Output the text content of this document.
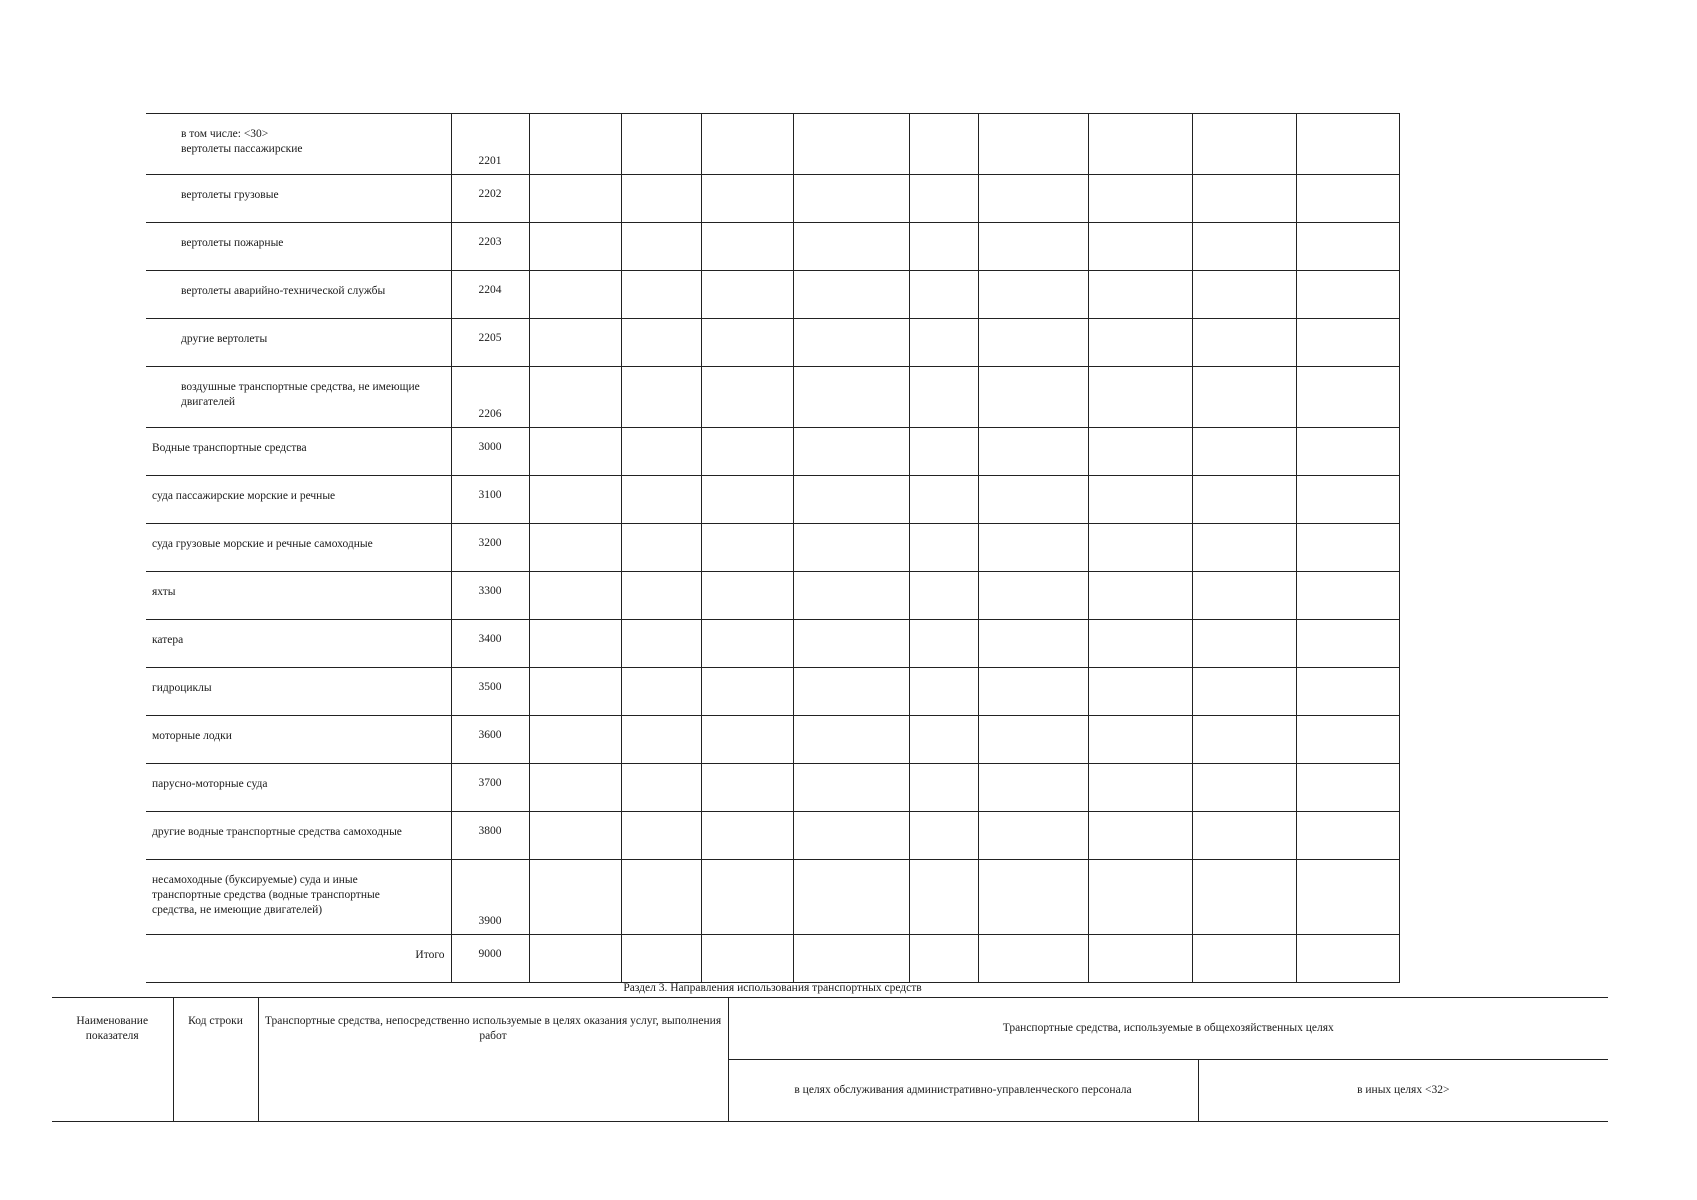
в том числе: <30>
вертолеты пассажирские	2201									

вертолеты грузовые	2202									

вертолеты пожарные	2203									

вертолеты аварийно-технической службы	2204									

другие вертолеты	2205									

воздушные транспортные средства, не имеющие
двигателей	2206									

Водные транспортные средства	3000									

суда пассажирские морские и речные	3100									

суда грузовые морские и речные самоходные	3200									

яхты	3300									

катера	3400									

гидроциклы	3500									

моторные лодки	3600									

парусно-моторные суда	3700									

другие водные транспортные средства самоходные	3800									

несамоходные (буксируемые) суда и иные
транспортные средства (водные транспортные
средства, не имеющие двигателей)	3900									

Итого	9000									

Раздел 3. Направления использования транспортных средств
Наименование показателя	Код строки	Транспортные средства, непосредственно используемые в целях оказания услуг, выполнения работ	Транспортные средства, используемые в общехозяйственных целях	
			в целях обслуживания административно-управленческого персонала	в иных целях <32>
